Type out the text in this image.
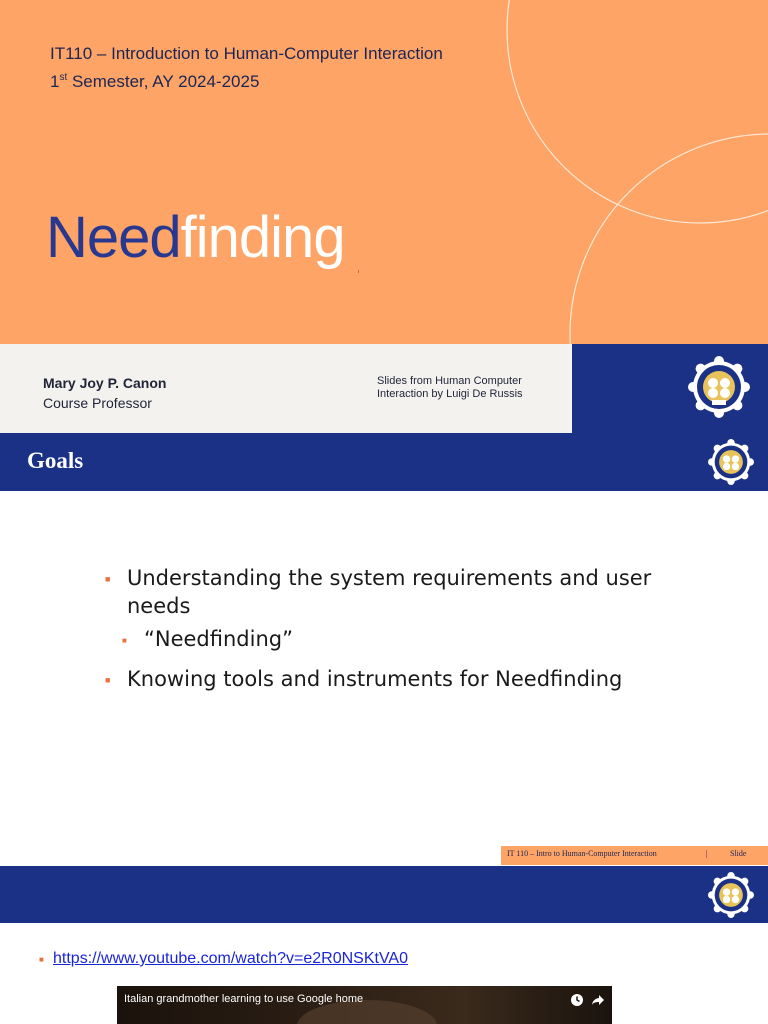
IT110 – Introduction to Human-Computer Interaction
1st Semester, AY 2024-2025
Needfinding
Mary Joy P. Canon
Course Professor
Slides from Human Computer
Interaction by Luigi De Russis
Goals
■ Understanding the system requirements and user
needs
■ “Needfinding”
■ Knowing tools and instruments for Needfinding
IT 110 – Intro to Human-Computer Interaction	|	Slide
■ https://www.youtube.com/watch?v=e2R0NSKtVA0
Italian grandmother learning to use Google home
